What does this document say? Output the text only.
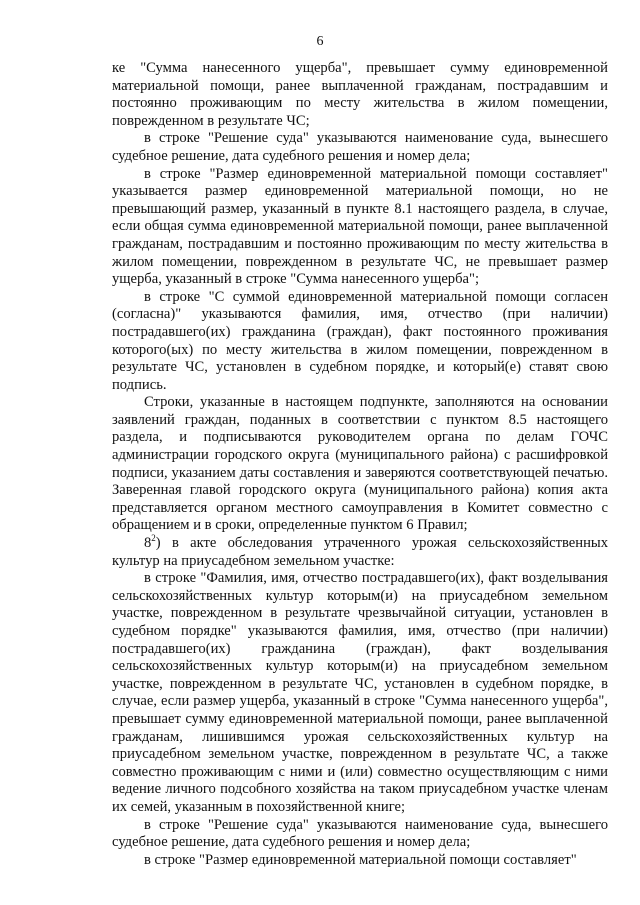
6

ке "Сумма нанесенного ущерба", превышает сумму единовременной материальной помощи, ранее выплаченной гражданам, пострадавшим и постоянно проживающим по месту жительства в жилом помещении, поврежденном в результате ЧС;

в строке "Решение суда" указываются наименование суда, вынесшего судебное решение, дата судебного решения и номер дела;

в строке "Размер единовременной материальной помощи составляет" указывается размер единовременной материальной помощи, но не превышающий размер, указанный в пункте 8.1 настоящего раздела, в случае, если общая сумма единовременной материальной помощи, ранее выплаченной гражданам, пострадавшим и постоянно проживающим по месту жительства в жилом помещении, поврежденном в результате ЧС, не превышает размер ущерба, указанный в строке "Сумма нанесенного ущерба";

в строке "С суммой единовременной материальной помощи согласен (согласна)" указываются фамилия, имя, отчество (при наличии) пострадавшего(их) гражданина (граждан), факт постоянного проживания которого(ых) по месту жительства в жилом помещении, поврежденном в результате ЧС, установлен в судебном порядке, и который(е) ставят свою подпись.

Строки, указанные в настоящем подпункте, заполняются на основании заявлений граждан, поданных в соответствии с пунктом 8.5 настоящего раздела, и подписываются руководителем органа по делам ГОЧС администрации городского округа (муниципального района) с расшифровкой подписи, указанием даты составления и заверяются соответствующей печатью. Заверенная главой городского округа (муниципального района) копия акта представляется органом местного самоуправления в Комитет совместно с обращением и в сроки, определенные пунктом 6 Правил;

$8^2$) в акте обследования утраченного урожая сельскохозяйственных культур на приусадебном земельном участке:

в строке "Фамилия, имя, отчество пострадавшего(их), факт возделывания сельскохозяйственных культур которым(и) на приусадебном земельном участке, поврежденном в результате чрезвычайной ситуации, установлен в судебном порядке" указываются фамилия, имя, отчество (при наличии) пострадавшего(их) гражданина (граждан), факт возделывания сельскохозяйственных культур которым(и) на приусадебном земельном участке, поврежденном в результате ЧС, установлен в судебном порядке, в случае, если размер ущерба, указанный в строке "Сумма нанесенного ущерба", превышает сумму единовременной материальной помощи, ранее выплаченной гражданам, лишившимся урожая сельскохозяйственных культур на приусадебном земельном участке, поврежденном в результате ЧС, а также совместно проживающим с ними и (или) совместно осуществляющим с ними ведение личного подсобного хозяйства на таком приусадебном участке членам их семей, указанным в похозяйственной книге;

в строке "Решение суда" указываются наименование суда, вынесшего судебное решение, дата судебного решения и номер дела;

в строке "Размер единовременной материальной помощи составляет"
